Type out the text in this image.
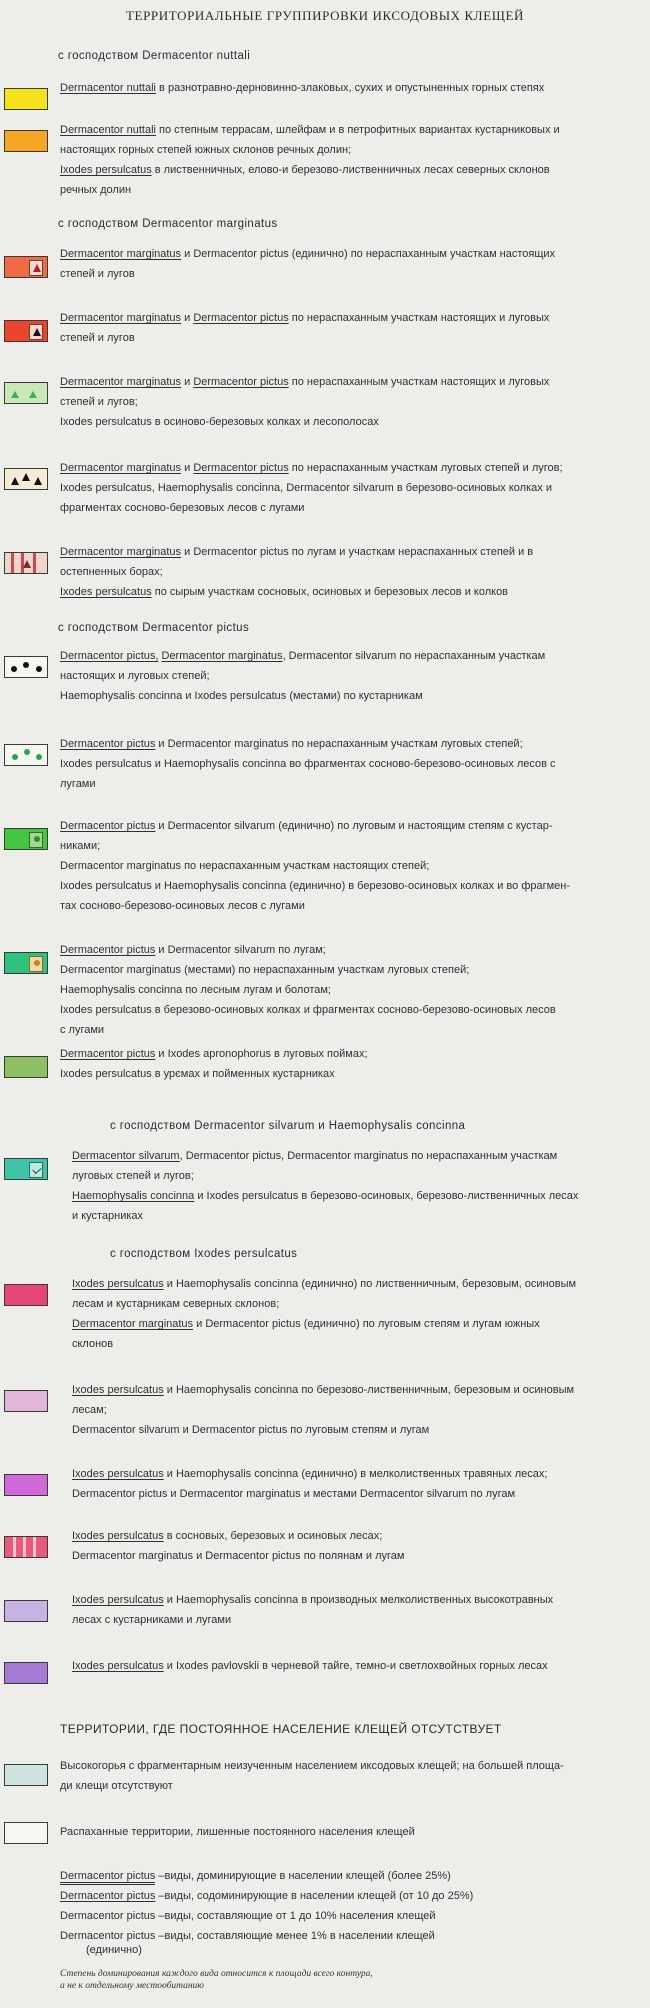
ТЕРРИТОРИАЛЬНЫЕ ГРУППИРОВКИ ИКСОДОВЫХ КЛЕЩЕЙ
с господством Dermacentor nuttali

Dermacentor nuttali в разнотравно-дерновинно-злаковых, сухих и опустыненных горных степях

Dermacentor nuttali по степным террасам, шлейфам и в петрофитных вариантах кустарниковых и

настоящих горных степей южных склонов речных долин;

Ixodes persulcatus в лиственничных, елово-и березово-лиственничных лесах северных склонов

речных долин

с господством Dermacentor marginatus

Dermacentor marginatus и Dermacentor pictus (единично) по нераспаханным участкам настоящих

степей и лугов

Dermacentor marginatus и Dermacentor pictus по нераспаханным участкам настоящих и луговых

степей и лугов

Dermacentor marginatus и Dermacentor pictus по нераспаханным участкам настоящих и луговых

степей и лугов;

Ixodes persulcatus в осиново-березовых колках и лесополосах

Dermacentor marginatus и Dermacentor pictus по нераспаханным участкам луговых степей и лугов;

Ixodes persulcatus, Haemophysalis concinna, Dermacentor silvarum в березово-осиновых колках и

фрагментах сосново-березовых лесов с лугами

Dermacentor marginatus и Dermacentor pictus по лугам и участкам нераспаханных степей и в

остепненных борах;

Ixodes persulcatus по сырым участкам сосновых, осиновых и березовых лесов и колков

с господством Dermacentor pictus

Dermacentor pictus, Dermacentor marginatus, Dermacentor silvarum по нераспаханным участкам

настоящих и луговых степей;

Haemophysalis concinna и Ixodes persulcatus (местами) по кустарникам

Dermacentor pictus и Dermacentor marginatus по нераспаханным участкам луговых степей;

Ixodes persulcatus и Haemophysalis concinna во фрагментах сосново-березово-осиновых лесов с

лугами

Dermacentor pictus и Dermacentor silvarum (единично) по луговым и настоящим степям с кустар-

никами;

Dermacentor marginatus по нераспаханным участкам настоящих степей;

Ixodes persulcatus и Haemophysalis concinna (единично) в березово-осиновых колках и во фрагмен-

тах сосново-березово-осиновых лесов с лугами

Dermacentor pictus и Dermacentor silvarum по лугам;

Dermacentor marginatus (местами) по нераспаханным участкам луговых степей;

Haemophysalis concinna по лесным лугам и болотам;

Ixodes persulcatus в березово-осиновых колках и фрагментах сосново-березово-осиновых лесов

с лугами

Dermacentor pictus и Ixodes apronophorus в луговых поймах;

Ixodes persulcatus в урємах и пойменных кустарниках

с господством Dermacentor silvarum и Haemophysalis concinna

Dermacentor silvarum, Dermacentor pictus, Dermacentor marginatus по нераспаханным участкам

луговых степей и лугов;

Haemophysalis concinna и Ixodes persulcatus в березово-осиновых, березово-лиственничных лесах

и кустарниках

с господством Ixodes persulcatus

Ixodes persulcatus и Haemophysalis concinna (единично) по лиственничным, березовым, осиновым

лесам и кустарникам северных склонов;

Dermacentor marginatus и Dermacentor pictus (единично) по луговым степям и лугам южных

склонов

Ixodes persulcatus и Haemophysalis concinna по березово-лиственничным, березовым и осиновым

лесам;

Dermacentor silvarum и Dermacentor pictus по луговым степям и лугам

Ixodes persulcatus и Haemophysalis concinna (единично) в мелколиственных травяных лесах;

Dermacentor pictus и Dermacentor marginatus и местами Dermacentor silvarum по лугам

Ixodes persulcatus в сосновых, березовых и осиновых лесах;

Dermacentor marginatus и Dermacentor pictus по полянам и лугам

Ixodes persulcatus и Haemophysalis concinna в производных мелколиственных высокотравных

лесах с кустарниками и лугами

Ixodes persulcatus и Ixodes pavlovskii в черневой тайге, темно-и светлохвойных горных лесах

ТЕРРИТОРИИ, ГДЕ ПОСТОЯННОЕ НАСЕЛЕНИЕ КЛЕЩЕЙ ОТСУТСТВУЕТ

Высокогорья с фрагментарным неизученным населением иксодовых клещей; на большей площа-

ди клещи отсутствуют

Распаханные территории, лишенные постоянного населения клещей

Dermacentor pictus –виды, доминирующие в населении клещей (более 25%)
Dermacentor pictus –виды, содоминирующие в населении клещей (от 10 до 25%)
Dermacentor pictus –виды, составляющие от 1 до 10% населения клещей
Dermacentor pictus –виды, составляющие менее 1% в населении клещей
(единично)
Степень доминирования каждого вида относится к площади всего контура,
а не к отдельному местообитанию
